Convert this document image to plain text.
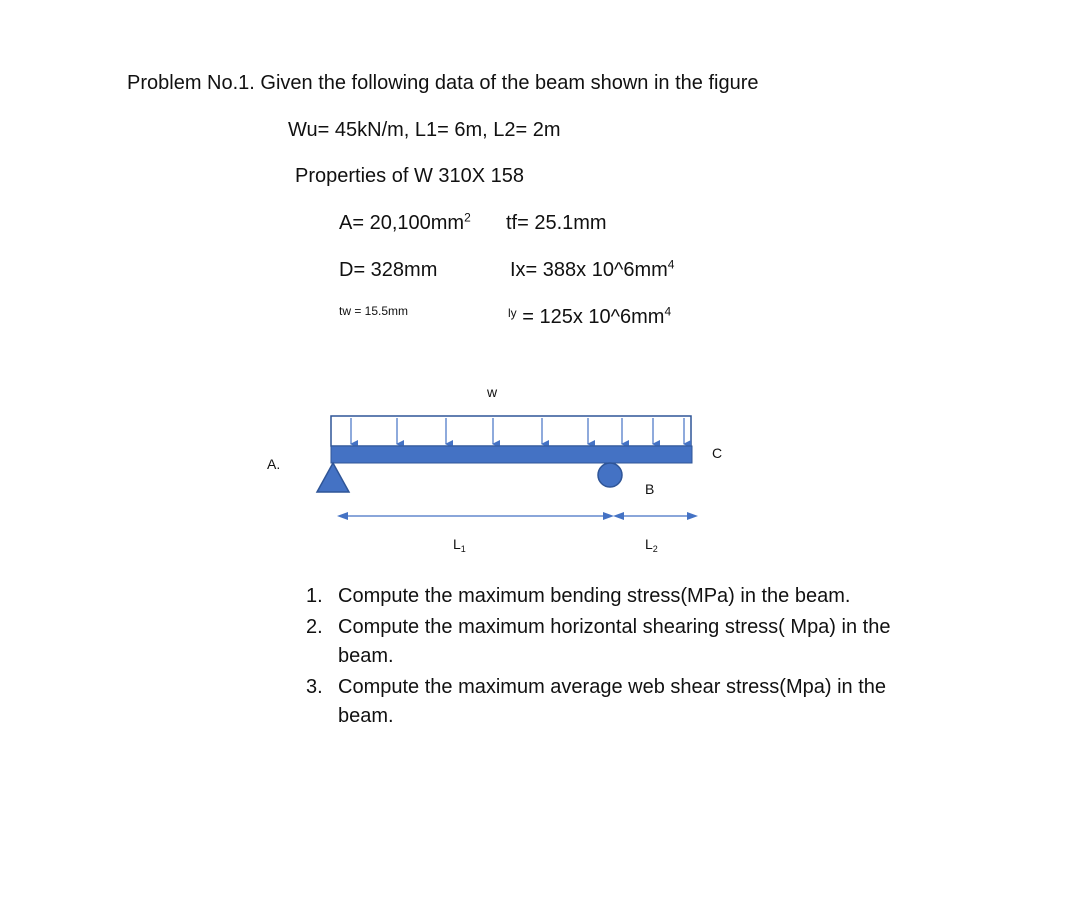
Problem No.1. Given the following data of the beam shown in the figure
Wu= 45kN/m, L1= 6m, L2= 2m
Properties of W 310X 158
$A= 20,100mm^2$ tf= 25.1mm
D= 328mm	Ix= 388x $10\^{}6mm^4$
tw = 15.5mm	$^{ly}$ = 125x $10\^{}6mm^4$
w
A.
B
C
$L_1$	$L_2$
1. Compute the maximum bending stress(MPa) in the beam.
2. Compute the maximum horizontal shearing stress( Mpa) in the beam.
3. Compute the maximum average web shear stress(Mpa) in the beam.
